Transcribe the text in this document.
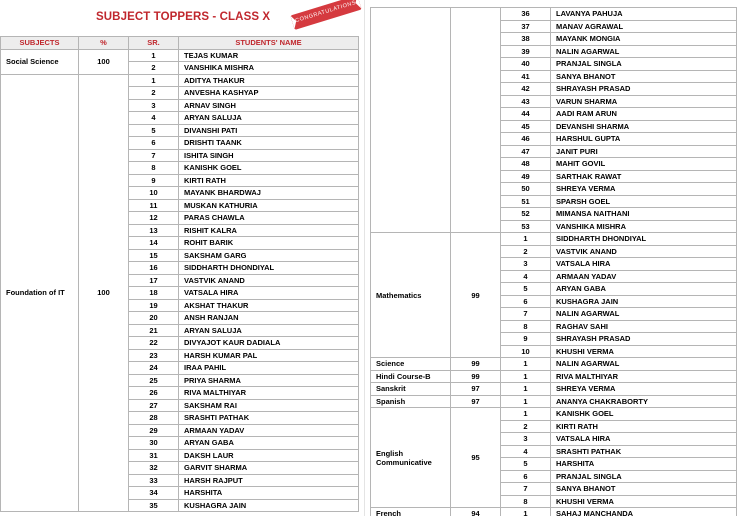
SUBJECT TOPPERS - CLASS X	CONGRATULATIONS
SUBJECTS	%	SR.	STUDENTS' NAME
Social Science	100	1	TEJAS KUMAR
		2	VANSHIKA MISHRA
Foundation of IT	100	1	ADITYA THAKUR
		2	ANVESHA KASHYAP
		3	ARNAV SINGH
		4	ARYAN SALUJA
		5	DIVANSHI PATI
		6	DRISHTI TAANK
		7	ISHITA SINGH
		8	KANISHK GOEL
		9	KIRTI RATH
		10	MAYANK BHARDWAJ
		11	MUSKAN KATHURIA
		12	PARAS CHAWLA
		13	RISHIT KALRA
		14	ROHIT BARIK
		15	SAKSHAM GARG
		16	SIDDHARTH DHONDIYAL
		17	VASTVIK ANAND
		18	VATSALA HIRA
		19	AKSHAT THAKUR
		20	ANSH RANJAN
		21	ARYAN SALUJA
		22	DIVYAJOT KAUR DADIALA
		23	HARSH KUMAR PAL
		24	IRAA PAHIL
		25	PRIYA SHARMA
		26	RIVA MALTHIYAR
		27	SAKSHAM RAI
		28	SRASHTI PATHAK
		29	ARMAAN YADAV
		30	ARYAN GABA
		31	DAKSH LAUR
		32	GARVIT SHARMA
		33	HARSH RAJPUT
		34	HARSHITA
		35	KUSHAGRA JAIN
		36	LAVANYA PAHUJA
		37	MANAV AGRAWAL
		38	MAYANK MONGIA
		39	NALIN AGARWAL
		40	PRANJAL SINGLA
		41	SANYA BHANOT
		42	SHRAYASH PRASAD
		43	VARUN SHARMA
		44	AADI RAM ARUN
		45	DEVANSHI SHARMA
		46	HARSHUL GUPTA
		47	JANIT PURI
		48	MAHIT GOVIL
		49	SARTHAK RAWAT
		50	SHREYA VERMA
		51	SPARSH GOEL
		52	MIMANSA NAITHANI
		53	VANSHIKA MISHRA
Mathematics	99	1	SIDDHARTH DHONDIYAL
		2	VASTVIK ANAND
		3	VATSALA HIRA
		4	ARMAAN YADAV
		5	ARYAN GABA
		6	KUSHAGRA JAIN
		7	NALIN AGARWAL
		8	RAGHAV SAHI
		9	SHRAYASH PRASAD
		10	KHUSHI VERMA
Science	99	1	NALIN AGARWAL
Hindi Course-B	99	1	RIVA MALTHIYAR
Sanskrit	97	1	SHREYA VERMA
Spanish	97	1	ANANYA CHAKRABORTY
English Communicative	95	1	KANISHK GOEL
		2	KIRTI RATH
		3	VATSALA HIRA
		4	SRASHTI PATHAK
		5	HARSHITA
		6	PRANJAL SINGLA
		7	SANYA BHANOT
		8	KHUSHI VERMA
French	94	1	SAHAJ MANCHANDA
